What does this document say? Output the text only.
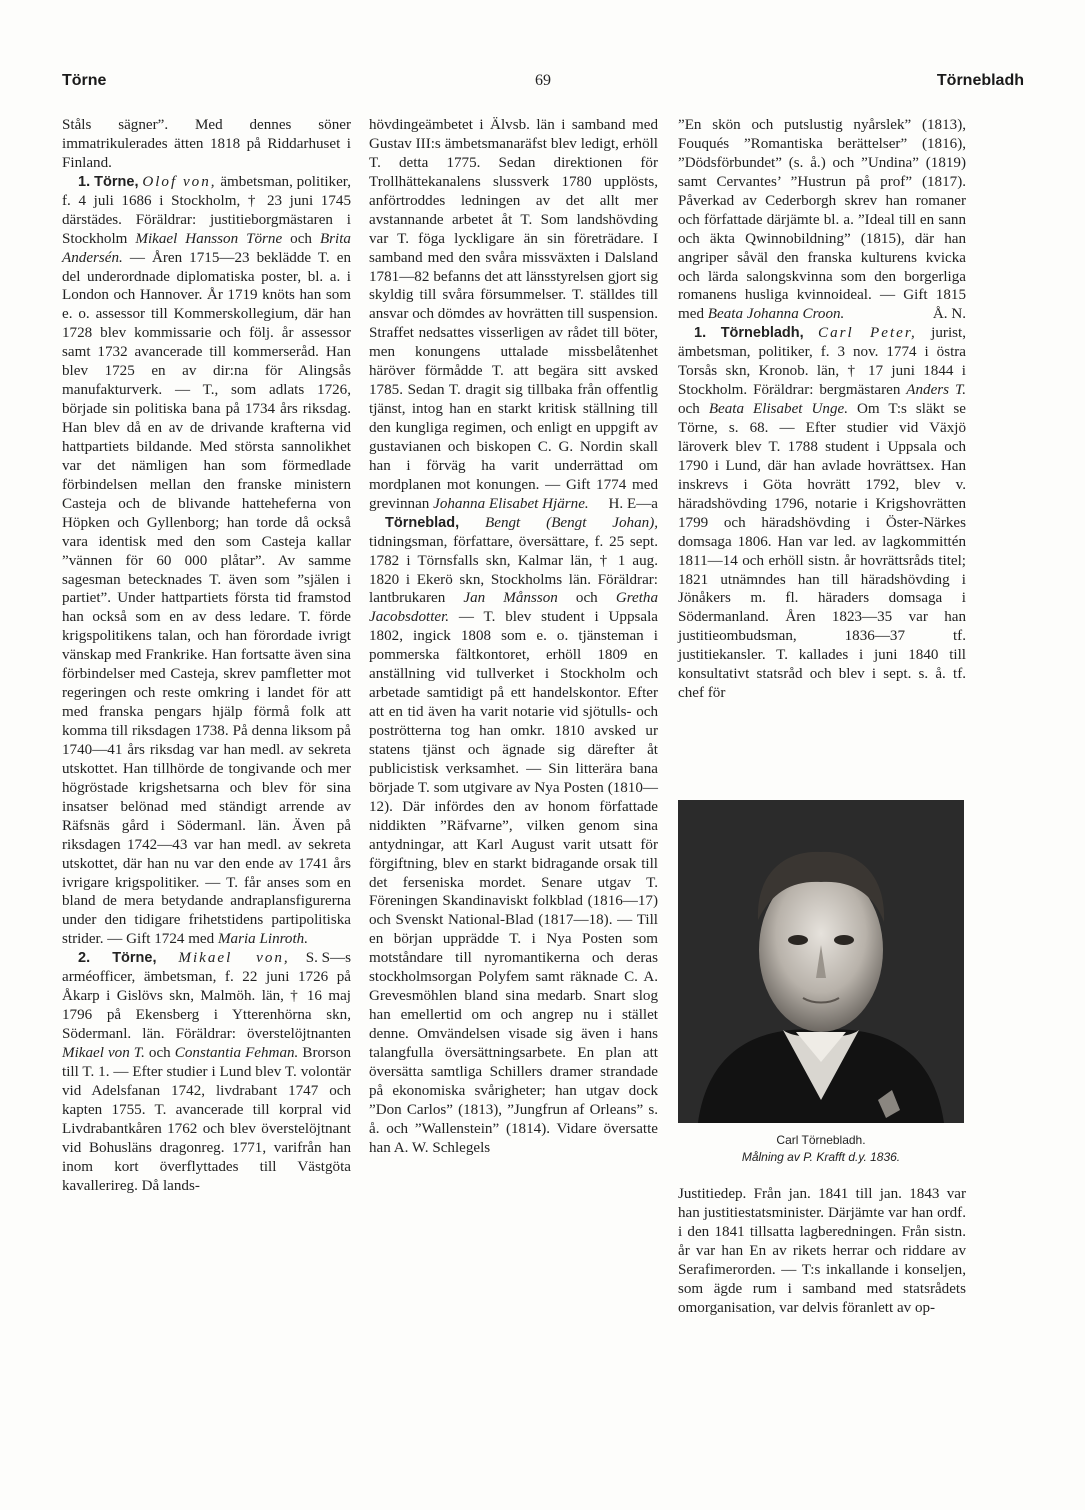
Törne	69	Törnebladh

Ståls sägner”. Med dennes söner immatrikulerades ätten 1818 på Riddarhuset i Finland.

1. Törne, Olof von, ämbetsman, politiker, f. 4 juli 1686 i Stockholm, † 23 juni 1745 därstädes. Föräldrar: justitieborgmästaren i Stockholm Mikael Hansson Törne och Brita Andersén. — Åren 1715—23 beklädde T. en del underordnade diplomatiska poster, bl. a. i London och Hannover. År 1719 knöts han som e. o. assessor till Kommerskollegium, där han 1728 blev kommissarie och följ. år assessor samt 1732 avancerade till kommerseråd. Han blev 1725 en av dir:na för Alingsås manufakturverk. — T., som adlats 1726, började sin politiska bana på 1734 års riksdag. Han blev då en av de drivande krafterna vid hattpartiets bildande. Med största sannolikhet var det nämligen han som förmedlade förbindelsen mellan den franske ministern Casteja och de blivande hatteheferna von Höpken och Gyllenborg; han torde då också vara identisk med den som Casteja kallar ”vännen för 60 000 plåtar”. Av samme sagesman betecknades T. även som ”själen i partiet”. Under hattpartiets första tid framstod han också som en av dess ledare. T. förde krigspolitikens talan, och han förordade ivrigt vänskap med Frankrike. Han fortsatte även sina förbindelser med Casteja, skrev pamfletter mot regeringen och reste omkring i landet för att med franska pengars hjälp förmå folk att komma till riksdagen 1738. På denna liksom på 1740—41 års riksdag var han medl. av sekreta utskottet. Han tillhörde de tongivande och mer högröstade krigshetsarna och blev för sina insatser belönad med ständigt arrende av Räfsnäs gård i Södermanl. län. Även på riksdagen 1742—43 var han medl. av sekreta utskottet, där han nu var den ende av 1741 års ivrigare krigspolitiker. — T. får anses som en bland de mera betydande andraplansfigurerna under den tidigare frihetstidens partipolitiska strider. — Gift 1724 med Maria Linroth.
S. S—s

2. Törne, Mikael von, arméofficer, ämbetsman, f. 22 juni 1726 på Åkarp i Gislövs skn, Malmöh. län, † 16 maj 1796 på Ekensberg i Ytterenhörna skn, Södermanl. län. Föräldrar: överstelöjtnanten Mikael von T. och Constantia Fehman. Brorson till T. 1. — Efter studier i Lund blev T. volontär vid Adelsfanan 1742, livdrabant 1747 och kapten 1755. T. avancerade till korpral vid Livdrabantkåren 1762 och blev överstelöjtnant vid Bohusläns dragonreg. 1771, varifrån han inom kort överflyttades till Västgöta kavallerireg. Då lands-

hövdingeämbetet i Älvsb. län i samband med Gustav III:s ämbetsmanaräfst blev ledigt, erhöll T. detta 1775. Sedan direktionen för Trollhättekanalens slussverk 1780 upplösts, anförtroddes ledningen av det allt mer avstannande arbetet åt T. Som landshövding var T. föga lyckligare än sin företrädare. I samband med den svåra missväxten i Dalsland 1781—82 befanns det att länsstyrelsen gjort sig skyldig till svåra försummelser. T. ställdes till ansvar och dömdes av hovrätten till suspension. Straffet nedsattes visserligen av rådet till böter, men konungens uttalade missbelåtenhet häröver förmådde T. att begära sitt avsked 1785. Sedan T. dragit sig tillbaka från offentlig tjänst, intog han en starkt kritisk ställning till den kungliga regimen, och enligt en uppgift av gustavianen och biskopen C. G. Nordin skall han i förväg ha varit underrättad om mordplanen mot konungen. — Gift 1774 med grevinnan Johanna Elisabet Hjärne. H. E—a

Törneblad, Bengt (Bengt Johan), tidningsman, författare, översättare, f. 25 sept. 1782 i Törnsfalls skn, Kalmar län, † 1 aug. 1820 i Ekerö skn, Stockholms län. Föräldrar: lantbrukaren Jan Månsson och Gretha Jacobsdotter. — T. blev student i Uppsala 1802, ingick 1808 som e. o. tjänsteman i pommerska fältkontoret, erhöll 1809 en anställning vid tullverket i Stockholm och arbetade samtidigt på ett handelskontor. Efter att en tid även ha varit notarie vid sjötulls- och poströtterna tog han omkr. 1810 avsked ur statens tjänst och ägnade sig därefter åt publicistisk verksamhet. — Sin litterära bana började T. som utgivare av Nya Posten (1810—12). Där infördes den av honom författade niddikten ”Räfvarne”, vilken genom sina antydningar, att Karl August varit utsatt för förgiftning, blev en starkt bidragande orsak till det ferseniska mordet. Senare utgav T. Föreningen Skandinaviskt folkblad (1816—17) och Svenskt National-Blad (1817—18). — Till en början upprädde T. i Nya Posten som motståndare till nyromantikerna och deras stockholmsorgan Polyfem samt räknade C. A. Grevesmöhlen bland sina medarb. Snart slog han emellertid om och angrep nu i stället denne. Omvändelsen visade sig även i hans talangfulla översättningsarbete. En plan att översätta samtliga Schillers dramer strandade på ekonomiska svårigheter; han utgav dock ”Don Carlos” (1813), ”Jungfrun af Orleans” s. å. och ”Wallenstein” (1814). Vidare översatte han A. W. Schlegels

”En skön och putslustig nyårslek” (1813), Fouqués ”Romantiska berättelser” (1816), ”Dödsförbundet” (s. å.) och ”Undina” (1819) samt Cervantes’ ”Hustrun på prof” (1817). Påverkad av Cederborgh skrev han romaner och författade därjämte bl. a. ”Ideal till en sann och äkta Qwinnobildning” (1815), där han angriper såväl den franska kulturens kvicka och lärda salongskvinna som den borgerliga romanens husliga kvinnoideal. — Gift 1815 med Beata Johanna Croon.	Å. N.

1. Törnebladh, Carl Peter, jurist, ämbetsman, politiker, f. 3 nov. 1774 i östra Torsås skn, Kronob. län, † 17 juni 1844 i Stockholm. Föräldrar: bergmästaren Anders T. och Beata Elisabet Unge. Om T:s släkt se Törne, s. 68. — Efter studier vid Växjö läroverk blev T. 1788 student i Uppsala och 1790 i Lund, där han avlade hovrättsex. Han inskrevs i Göta hovrätt 1792, blev v. häradshövding 1796, notarie i Krigshovrätten 1799 och häradshövding i Öster-Närkes domsaga 1806. Han var led. av lagkommittén 1811—14 och erhöll sistn. år hovrättsråds titel; 1821 utnämndes han till häradshövding i Jönåkers m. fl. häraders domsaga i Södermanland. Åren 1823—35 var han justitieombudsman, 1836—37 tf. justitiekansler. T. kallades i juni 1840 till konsultativt statsråd och blev i sept. s. å. tf. chef för

Carl Törnebladh.
Målning av P. Krafft d.y. 1836.

Justitiedep. Från jan. 1841 till jan. 1843 var han justitiestatsminister. Därjämte var han ordf. i den 1841 tillsatta lagberedningen. Från sistn. år var han En av rikets herrar och riddare av Serafimerorden. — T:s inkallande i konseljen, som ägde rum i samband med statsrådets omorganisation, var delvis föranlett av op-
